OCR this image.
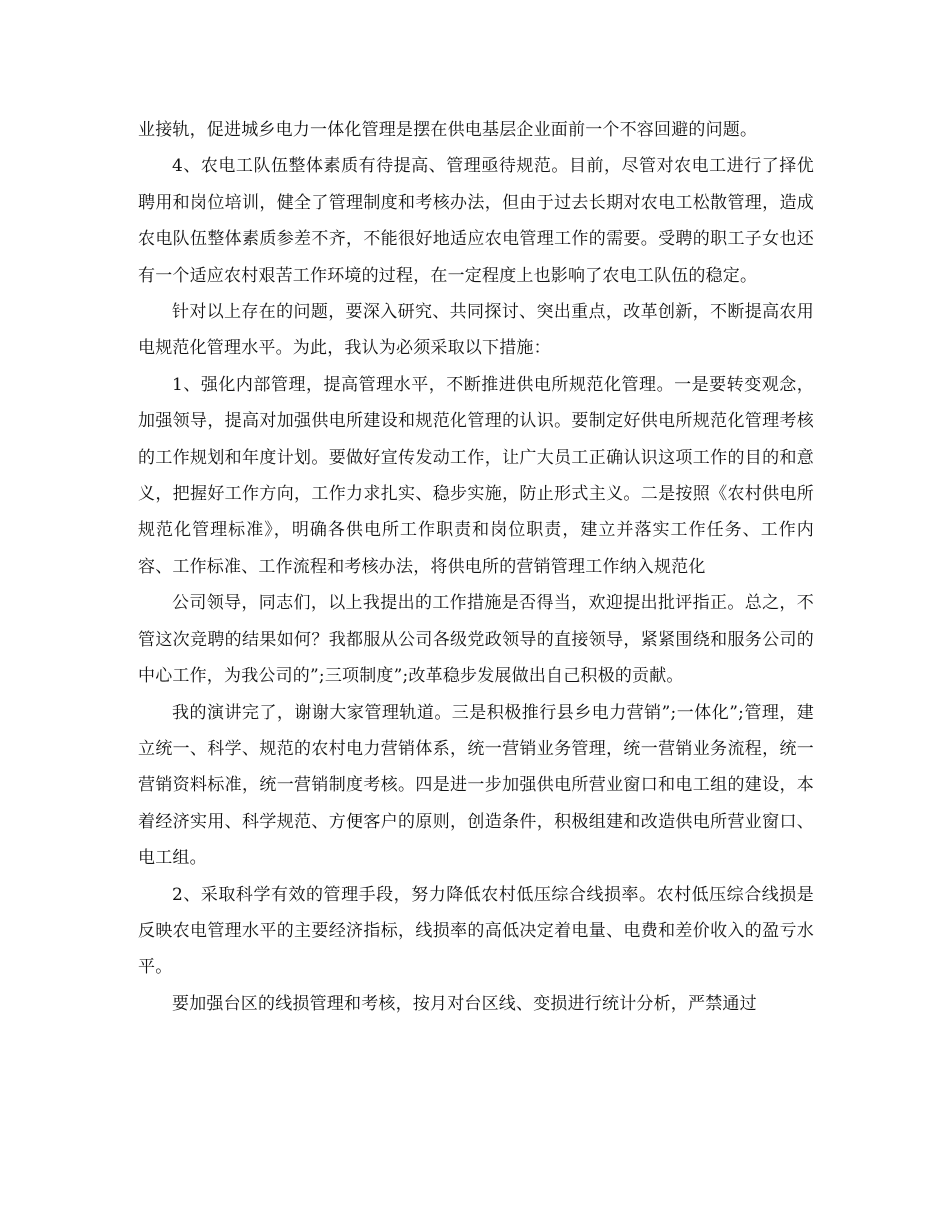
业接轨，促进城乡电力一体化管理是摆在供电基层企业面前一个不容回避的问题。

4、农电工队伍整体素质有待提高、管理亟待规范。目前，尽管对农电工进行了择优聘用和岗位培训，健全了管理制度和考核办法，但由于过去长期对农电工松散管理，造成农电队伍整体素质参差不齐，不能很好地适应农电管理工作的需要。受聘的职工子女也还有一个适应农村艰苦工作环境的过程，在一定程度上也影响了农电工队伍的稳定。

针对以上存在的问题，要深入研究、共同探讨、突出重点，改革创新，不断提高农用电规范化管理水平。为此，我认为必须采取以下措施：

1、强化内部管理，提高管理水平，不断推进供电所规范化管理。一是要转变观念，加强领导，提高对加强供电所建设和规范化管理的认识。要制定好供电所规范化管理考核的工作规划和年度计划。要做好宣传发动工作，让广大员工正确认识这项工作的目的和意义，把握好工作方向，工作力求扎实、稳步实施，防止形式主义。二是按照《农村供电所规范化管理标准》，明确各供电所工作职责和岗位职责，建立并落实工作任务、工作内容、工作标准、工作流程和考核办法，将供电所的营销管理工作纳入规范化

公司领导，同志们，以上我提出的工作措施是否得当，欢迎提出批评指正。总之，不管这次竞聘的结果如何？我都服从公司各级党政领导的直接领导，紧紧围绕和服务公司的中心工作，为我公司的”;三项制度”;改革稳步发展做出自己积极的贡献。

我的演讲完了，谢谢大家管理轨道。三是积极推行县乡电力营销”;一体化”;管理，建立统一、科学、规范的农村电力营销体系，统一营销业务管理，统一营销业务流程，统一营销资料标准，统一营销制度考核。四是进一步加强供电所营业窗口和电工组的建设，本着经济实用、科学规范、方便客户的原则，创造条件，积极组建和改造供电所营业窗口、电工组。

2、采取科学有效的管理手段，努力降低农村低压综合线损率。农村低压综合线损是反映农电管理水平的主要经济指标，线损率的高低决定着电量、电费和差价收入的盈亏水平。

要加强台区的线损管理和考核，按月对台区线、变损进行统计分析，严禁通过
